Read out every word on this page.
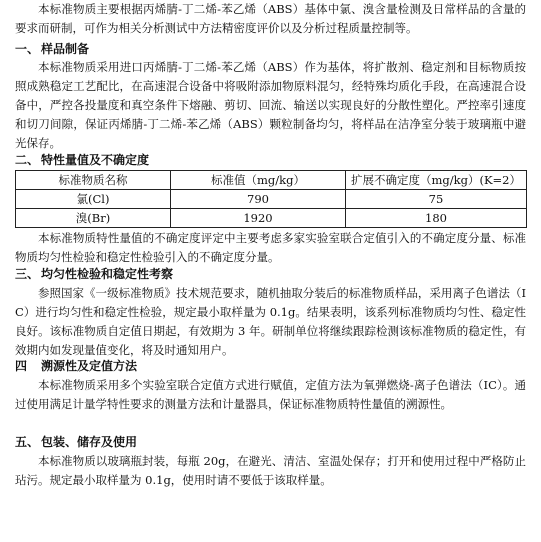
本标准物质主要根据丙烯腈-丁二烯-苯乙烯（ABS）基体中氯、溴含量检测及日常样品的含量的要求而研制，可作为相关分析测试中方法精密度评价以及分析过程质量控制等。
一、 样品制备
本标准物质采用进口丙烯腈-丁二烯-苯乙烯（ABS）作为基体，将扩散剂、稳定剂和目标物质按照成熟稳定工艺配比，在高速混合设备中将吸附添加物原料混匀，经特殊均质化手段，在高速混合设备中，严控各投量度和真空条件下熔融、剪切、回流、输送以实现良好的分散性塑化。严控率引速度和切刀间隙，保证丙烯腈-丁二烯-苯乙烯（ABS）颗粒制备均匀，将样品在洁净室分装于玻璃瓶中避光保存。
二、 特性量值及不确定度
标准物质名称	标准值（mg/kg）	扩展不确定度（mg/kg）(K=2）
氯(Cl)	790	75
溴(Br)	1920	180
本标准物质特性量值的不确定度评定中主要考虑多家实验室联合定值引入的不确定度分量、标准物质均匀性检验和稳定性检验引入的不确定度分量。
三、 均匀性检验和稳定性考察
参照国家《一级标准物质》技术规范要求，随机抽取分装后的标准物质样品，采用离子色谱法（IC）进行均匀性和稳定性检验，规定最小取样量为 0.1g。结果表明，该系列标准物质均匀性、稳定性良好。该标准物质自定值日期起，有效期为 3 年。研制单位将继续跟踪检测该标准物质的稳定性，有效期内如发现量值变化，将及时通知用户。
四 溯源性及定值方法
本标准物质采用多个实验室联合定值方式进行赋值，定值方法为氧弹燃烧-离子色谱法（IC）。通过使用满足计量学特性要求的测量方法和计量器具，保证标准物质特性量值的溯源性。
五、 包装、储存及使用
本标准物质以玻璃瓶封装，每瓶 20g，在避光、清洁、室温处保存；打开和使用过程中严格防止玷污。规定最小取样量为 0.1g，使用时请不要低于该取样量。
